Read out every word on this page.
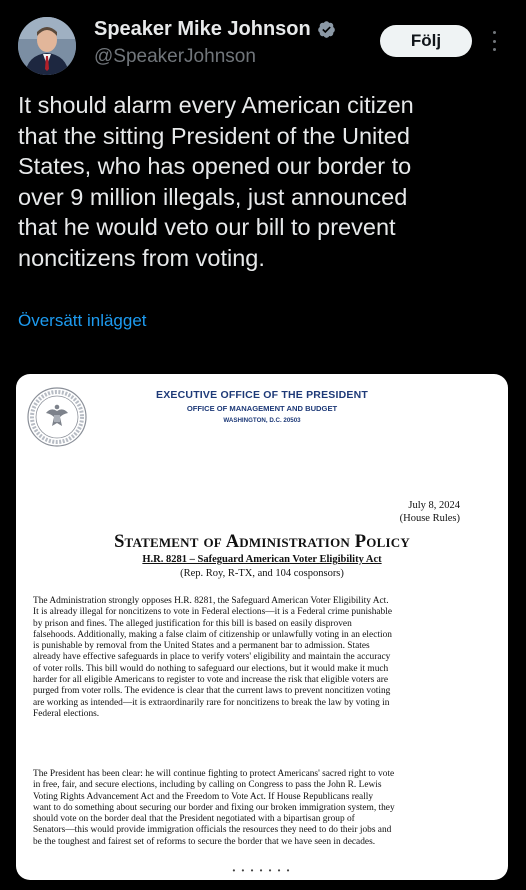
Speaker Mike Johnson
@SpeakerJohnson
Följ

It should alarm every American citizen
that the sitting President of the United
States, who has opened our border to
over 9 million illegals, just announced
that he would veto our bill to prevent
noncitizens from voting.

Översätt inlägget
EXECUTIVE OFFICE OF THE PRESIDENT
OFFICE OF MANAGEMENT AND BUDGET
WASHINGTON, D.C. 20503
July 8, 2024
(House Rules)
Statement of Administration Policy
H.R. 8281 – Safeguard American Voter Eligibility Act
(Rep. Roy, R-TX, and 104 cosponsors)

The Administration strongly opposes H.R. 8281, the Safeguard American Voter Eligibility Act.
It is already illegal for noncitizens to vote in Federal elections—it is a Federal crime punishable
by prison and fines. The alleged justification for this bill is based on easily disproven
falsehoods. Additionally, making a false claim of citizenship or unlawfully voting in an election
is punishable by removal from the United States and a permanent bar to admission. States
already have effective safeguards in place to verify voters' eligibility and maintain the accuracy
of voter rolls. This bill would do nothing to safeguard our elections, but it would make it much
harder for all eligible Americans to register to vote and increase the risk that eligible voters are
purged from voter rolls. The evidence is clear that the current laws to prevent noncitizen voting
are working as intended—it is extraordinarily rare for noncitizens to break the law by voting in
Federal elections.

The President has been clear: he will continue fighting to protect Americans' sacred right to vote
in free, fair, and secure elections, including by calling on Congress to pass the John R. Lewis
Voting Rights Advancement Act and the Freedom to Vote Act. If House Republicans really
want to do something about securing our border and fixing our broken immigration system, they
should vote on the border deal that the President negotiated with a bipartisan group of
Senators—this would provide immigration officials the resources they need to do their jobs and
be the toughest and fairest set of reforms to secure the border that we have seen in decades.

• • • • • • •
